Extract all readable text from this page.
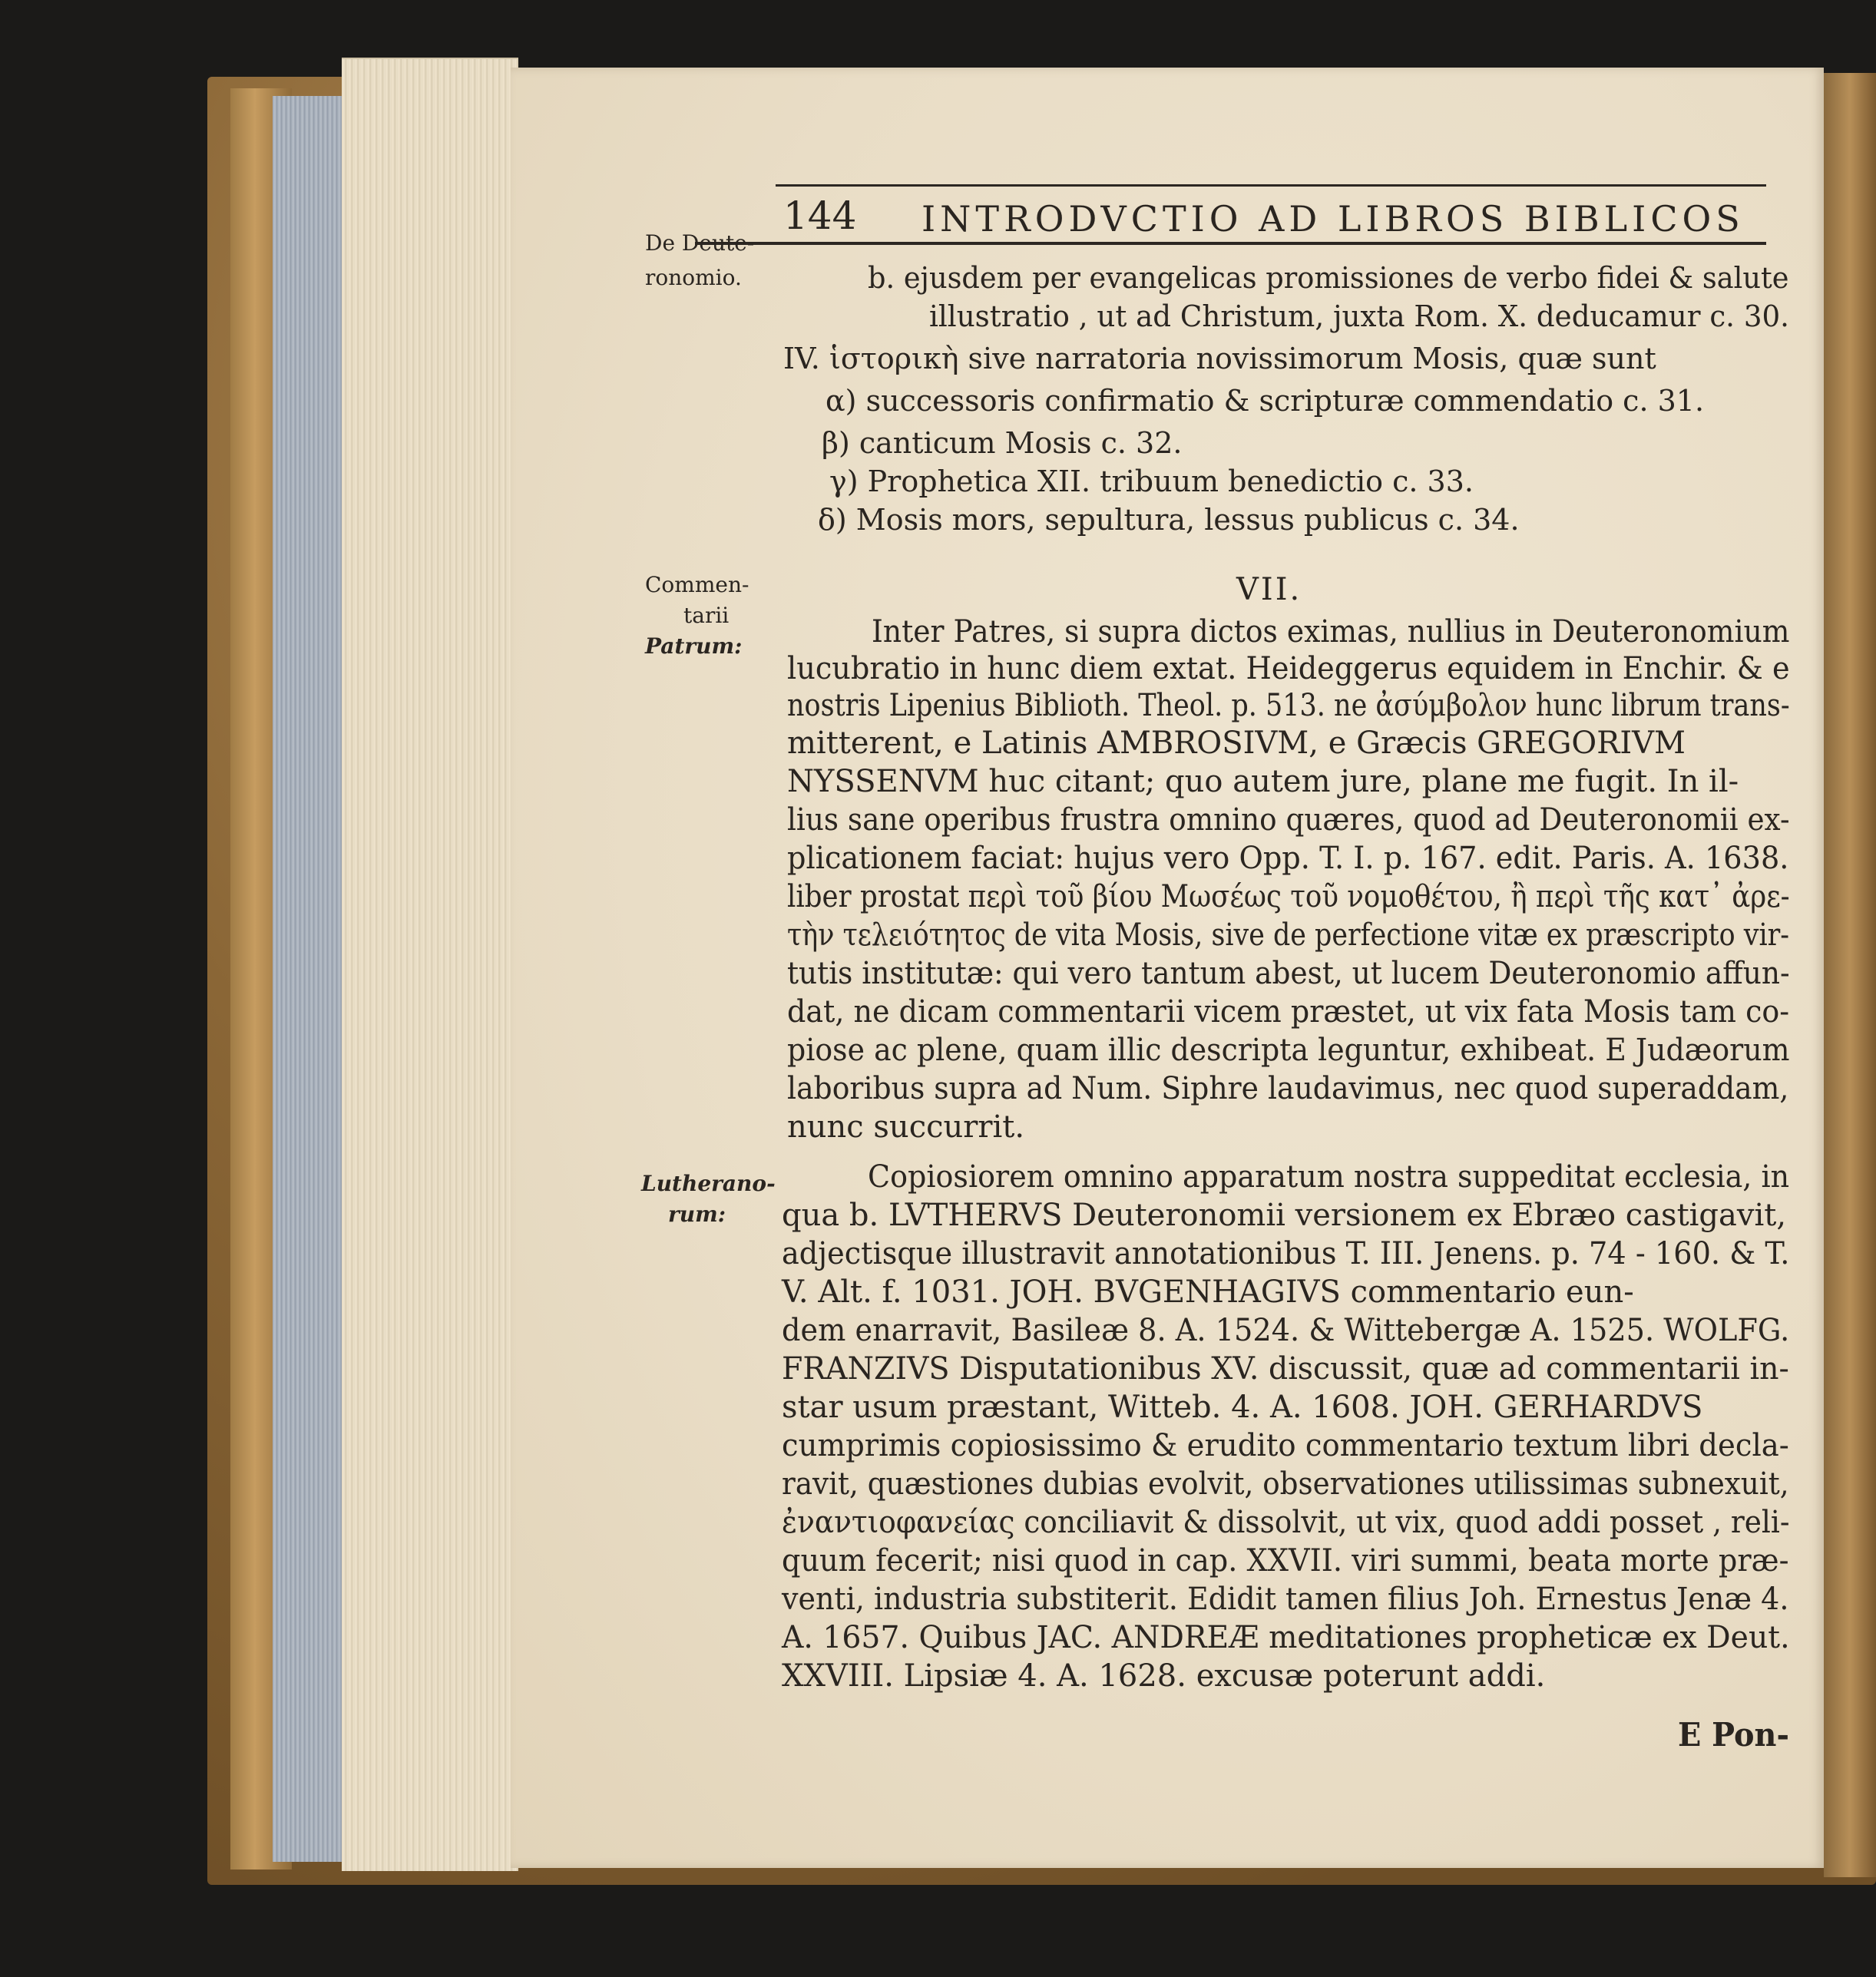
144 INTRODVCTIO AD LIBROS BIBLICOS
De Deute-
ronomio.
Commen-
tarii
Patrum:
Lutherano-
rum:
b. ejusdem per evangelicas promissiones de verbo fidei & salute
illustratio , ut ad Christum, juxta Rom. X. deducamur c. 30.
IV. ἱστορικὴ sive narratoria novissimorum Mosis, quæ sunt
α) successoris confirmatio & scripturæ commendatio c. 31.
β) canticum Mosis c. 32.
γ) Prophetica XII. tribuum benedictio c. 33.
δ) Mosis mors, sepultura, lessus publicus c. 34.
VII.
Inter Patres, si supra dictos eximas, nullius in Deuteronomium
lucubratio in hunc diem extat. Heideggerus equidem in Enchir. & e
nostris Lipenius Biblioth. Theol. p. 513. ne ἀσύμβολον hunc librum trans-
mitterent, e Latinis AMBROSIVM, e Græcis GREGORIVM
NYSSENVM huc citant; quo autem jure, plane me fugit. In il-
lius sane operibus frustra omnino quæres, quod ad Deuteronomii ex-
plicationem faciat: hujus vero Opp. T. I. p. 167. edit. Paris. A. 1638.
liber prostat περὶ τοῦ βίου Μωσέως τοῦ νομοθέτου, ἢ περὶ τῆς κατ᾿ ἀρε-
τὴν τελειότητος de vita Mosis, sive de perfectione vitæ ex præscripto vir-
tutis institutæ: qui vero tantum abest, ut lucem Deuteronomio affun-
dat, ne dicam commentarii vicem præstet, ut vix fata Mosis tam co-
piose ac plene, quam illic descripta leguntur, exhibeat. E Judæorum
laboribus supra ad Num. Siphre laudavimus, nec quod superaddam,
nunc succurrit.
Copiosiorem omnino apparatum nostra suppeditat ecclesia, in
qua b. LVTHERVS Deuteronomii versionem ex Ebræo castigavit,
adjectisque illustravit annotationibus T. III. Jenens. p. 74 - 160. & T.
V. Alt. f. 1031. JOH. BVGENHAGIVS commentario eun-
dem enarravit, Basileæ 8. A. 1524. & Wittebergæ A. 1525. WOLFG.
FRANZIVS Disputationibus XV. discussit, quæ ad commentarii in-
star usum præstant, Witteb. 4. A. 1608. JOH. GERHARDVS
cumprimis copiosissimo & erudito commentario textum libri decla-
ravit, quæstiones dubias evolvit, observationes utilissimas subnexuit,
ἐναντιοφανείας conciliavit & dissolvit, ut vix, quod addi posset , reli-
quum fecerit; nisi quod in cap. XXVII. viri summi, beata morte præ-
venti, industria substiterit. Edidit tamen filius Joh. Ernestus Jenæ 4.
A. 1657. Quibus JAC. ANDREÆ meditationes propheticæ ex Deut.
XXVIII. Lipsiæ 4. A. 1628. excusæ poterunt addi.
E Pon-
